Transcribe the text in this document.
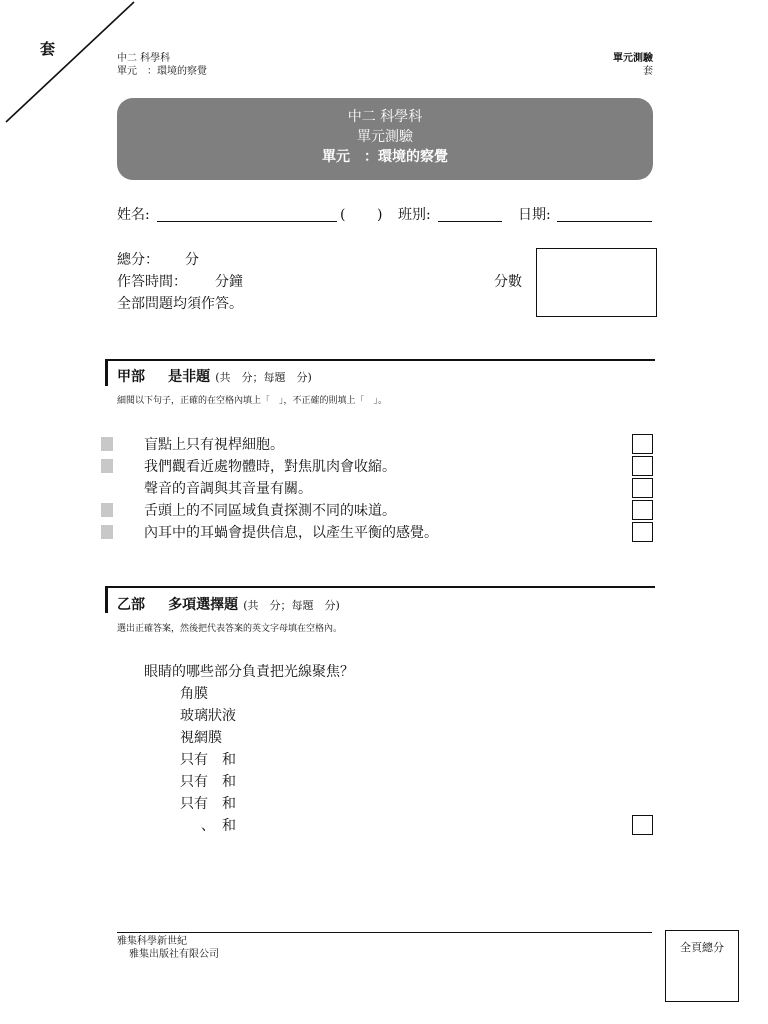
套
中二 科學科
單元　：環境的察覺
單元測驗
套
中二 科學科
單元測驗
單元　：環境的察覺
姓名:	( ) 班別:	日期:
總分： 分
作答時間： 分鐘
全部問題均須作答。
分數
甲部 是非題 (共　分；每題　分)
細閱以下句子，正確的在空格內填上「　」，不正確的則填上「　」。
盲點上只有視桿細胞。
我們觀看近處物體時，對焦肌肉會收縮。
聲音的音調與其音量有關。
舌頭上的不同區域負責探測不同的味道。
內耳中的耳蝸會提供信息，以產生平衡的感覺。
乙部 多項選擇題 (共　分；每題　分)
選出正確答案，然後把代表答案的英文字母填在空格內。
眼睛的哪些部分負責把光線聚焦？
角膜
玻璃狀液
視網膜
只有　和
只有　和
只有　和
、　和
雅集科學新世紀
雅集出版社有限公司
全頁總分
